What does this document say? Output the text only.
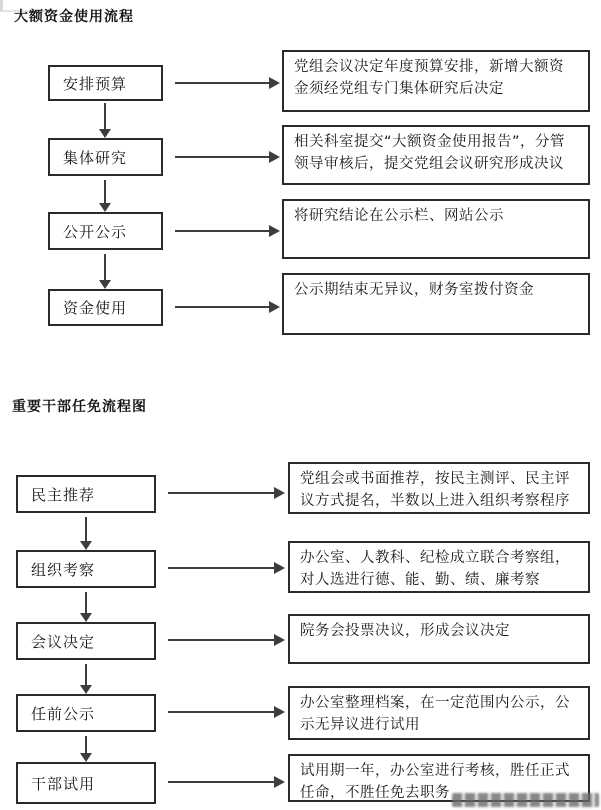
大额资金使用流程
安排预算
党组会议决定年度预算安排，新增大额资金须经党组专门集体研究后决定
集体研究
相关科室提交“大额资金使用报告”，分管领导审核后，提交党组会议研究形成决议
公开公示
将研究结论在公示栏、网站公示
资金使用
公示期结束无异议，财务室拨付资金
重要干部任免流程图
民主推荐
党组会或书面推荐，按民主测评、民主评议方式提名，半数以上进入组织考察程序
组织考察
办公室、人教科、纪检成立联合考察组，对人选进行德、能、勤、绩、廉考察
会议决定
院务会投票决议，形成会议决定
任前公示
办公室整理档案，在一定范围内公示，公示无异议进行试用
干部试用
试用期一年，办公室进行考核，胜任正式任命，不胜任免去职务
